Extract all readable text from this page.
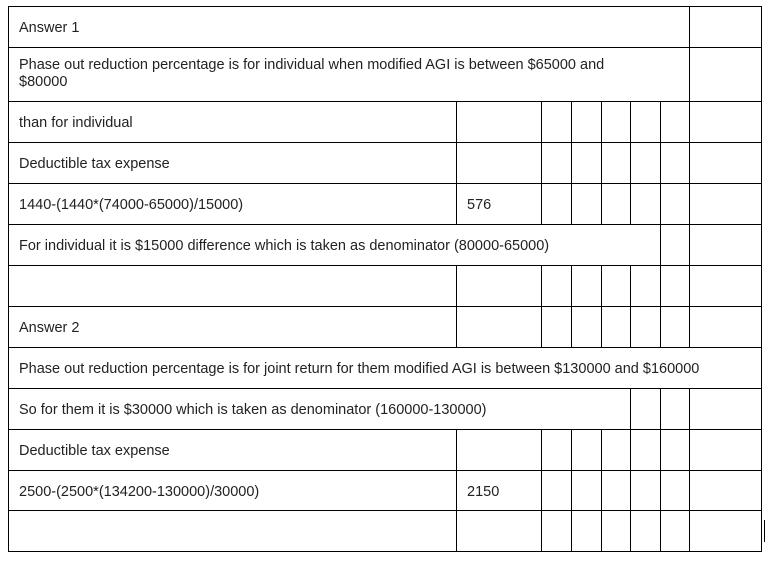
Answer 1
Phase out reduction percentage is for individual when modified AGI is between $65000 and
$80000
than for individual
Deductible tax expense
1440-(1440*(74000-65000)/15000)	576
For individual it is $15000 difference which is taken as denominator (80000-65000)
Answer 2
Phase out reduction percentage is for joint return for them modified AGI is between $130000 and $160000
So for them it is $30000 which is taken as denominator (160000-130000)
Deductible tax expense
2500-(2500*(134200-130000)/30000)	2150
